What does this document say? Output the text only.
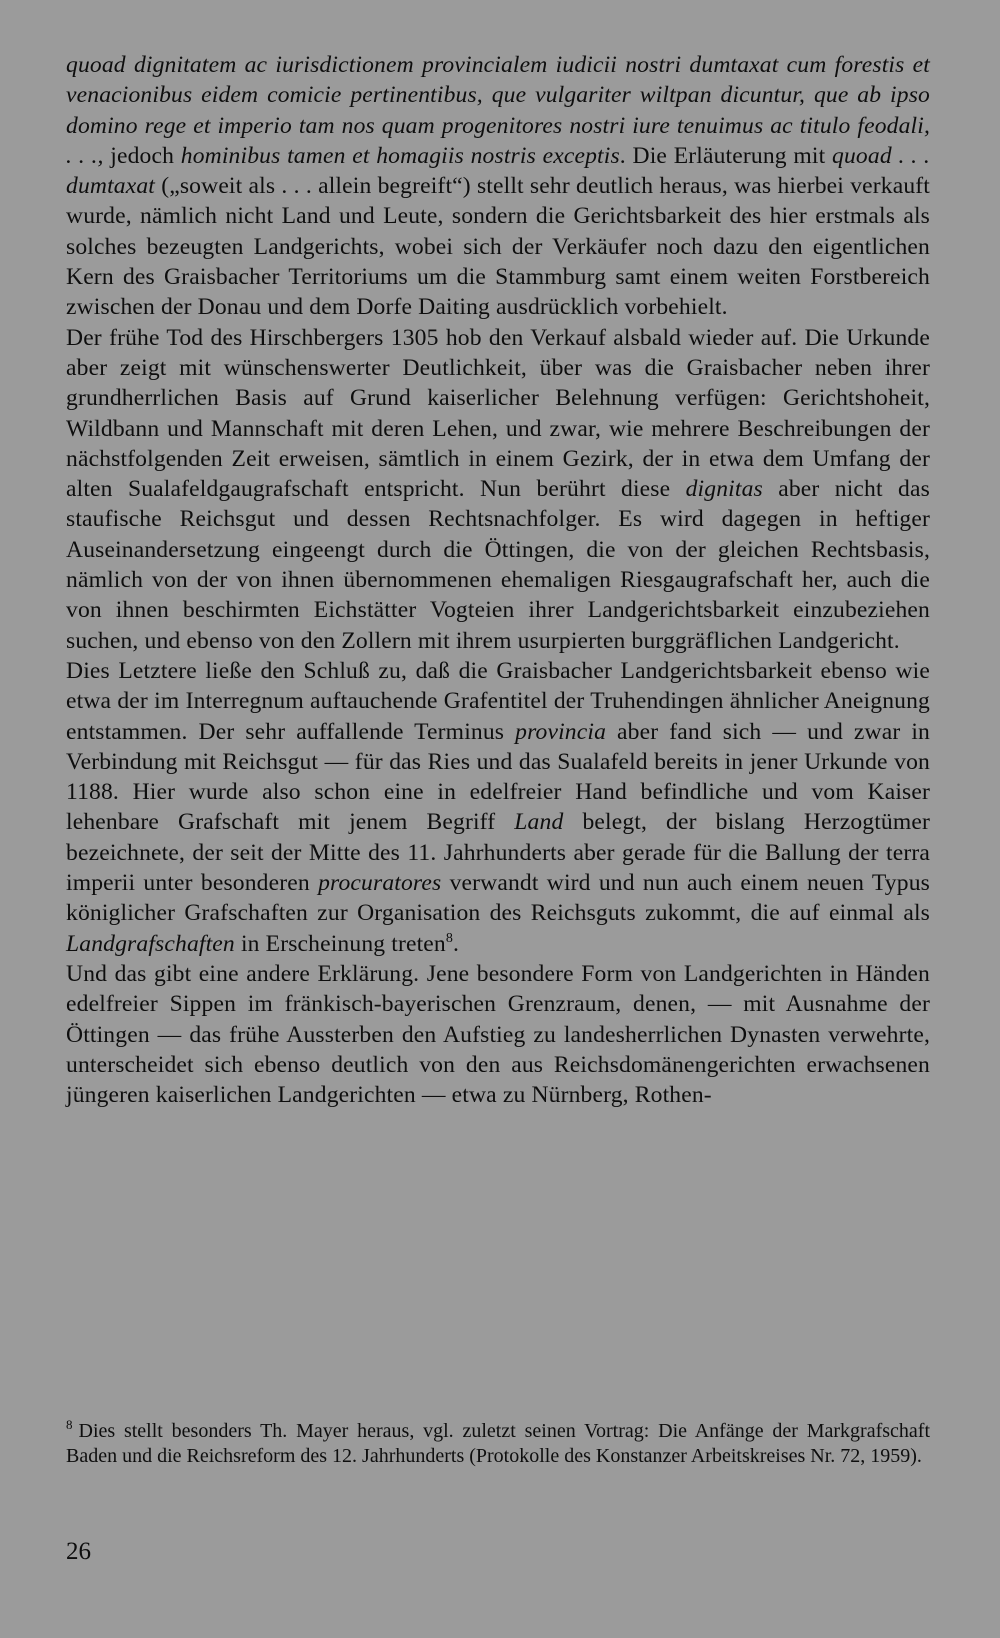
quoad dignitatem ac iurisdictionem provincialem iudicii nostri dumtaxat cum forestis et venacionibus eidem comicie pertinentibus, que vulgariter wiltpan dicuntur, que ab ipso domino rege et imperio tam nos quam progenitores nostri iure tenuimus ac titulo feodali, . . ., jedoch hominibus tamen et homagiis nostris exceptis. Die Erläuterung mit quoad . . . dumtaxat („soweit als . . . allein begreift“) stellt sehr deutlich heraus, was hierbei verkauft wurde, nämlich nicht Land und Leute, sondern die Gerichtsbarkeit des hier erstmals als solches bezeugten Landgerichts, wobei sich der Verkäufer noch dazu den eigentlichen Kern des Graisbacher Territoriums um die Stammburg samt einem weiten Forstbereich zwischen der Donau und dem Dorfe Daiting ausdrücklich vorbehielt.

Der frühe Tod des Hirschbergers 1305 hob den Verkauf alsbald wieder auf. Die Urkunde aber zeigt mit wünschenswerter Deutlichkeit, über was die Graisbacher neben ihrer grundherrlichen Basis auf Grund kaiserlicher Belehnung verfügen: Gerichtshoheit, Wildbann und Mannschaft mit deren Lehen, und zwar, wie mehrere Beschreibungen der nächstfolgenden Zeit erweisen, sämtlich in einem Gezirk, der in etwa dem Umfang der alten Sualafeldgaugrafschaft entspricht. Nun berührt diese dignitas aber nicht das staufische Reichsgut und dessen Rechtsnachfolger. Es wird dagegen in heftiger Auseinandersetzung eingeengt durch die Öttingen, die von der gleichen Rechtsbasis, nämlich von der von ihnen übernommenen ehemaligen Riesgaugrafschaft her, auch die von ihnen beschirmten Eichstätter Vogteien ihrer Landgerichtsbarkeit einzubeziehen suchen, und ebenso von den Zollern mit ihrem usurpierten burggräflichen Landgericht.

Dies Letztere ließe den Schluß zu, daß die Graisbacher Landgerichtsbarkeit ebenso wie etwa der im Interregnum auftauchende Grafentitel der Truhendingen ähnlicher Aneignung entstammen. Der sehr auffallende Terminus provincia aber fand sich — und zwar in Verbindung mit Reichsgut — für das Ries und das Sualafeld bereits in jener Urkunde von 1188. Hier wurde also schon eine in edelfreier Hand befindliche und vom Kaiser lehenbare Grafschaft mit jenem Begriff Land belegt, der bislang Herzogtümer bezeichnete, der seit der Mitte des 11. Jahrhunderts aber gerade für die Ballung der terra imperii unter besonderen procuratores verwandt wird und nun auch einem neuen Typus königlicher Grafschaften zur Organisation des Reichsguts zukommt, die auf einmal als Landgrafschaften in Erscheinung treten$^8$.

Und das gibt eine andere Erklärung. Jene besondere Form von Landgerichten in Händen edelfreier Sippen im fränkisch-bayerischen Grenzraum, denen, — mit Ausnahme der Öttingen — das frühe Aussterben den Aufstieg zu landesherrlichen Dynasten verwehrte, unterscheidet sich ebenso deutlich von den aus Reichsdomänengerichten erwachsenen jüngeren kaiserlichen Landgerichten — etwa zu Nürnberg, Rothen-

$^8$ Dies stellt besonders Th. Mayer heraus, vgl. zuletzt seinen Vortrag: Die Anfänge der Markgrafschaft Baden und die Reichsreform des 12. Jahrhunderts (Protokolle des Konstanzer Arbeitskreises Nr. 72, 1959).
26
